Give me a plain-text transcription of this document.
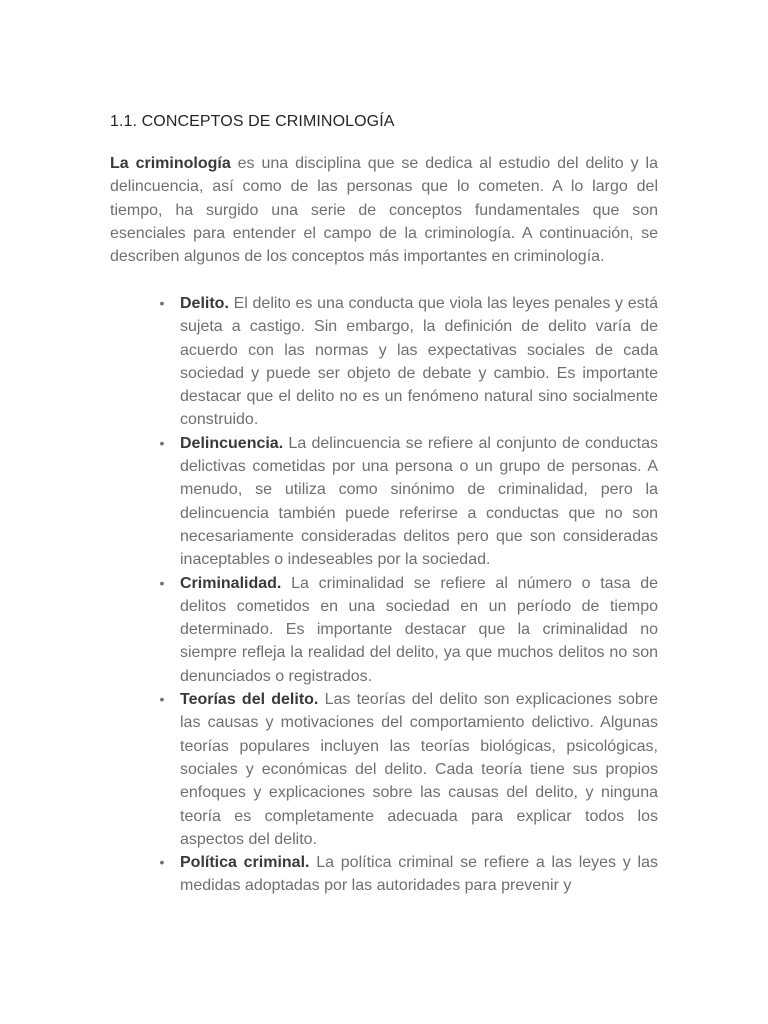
1.1. CONCEPTOS DE CRIMINOLOGÍA

La criminología es una disciplina que se dedica al estudio del delito y la delincuencia, así como de las personas que lo cometen. A lo largo del tiempo, ha surgido una serie de conceptos fundamentales que son esenciales para entender el campo de la criminología. A continuación, se describen algunos de los conceptos más importantes en criminología.

• Delito. El delito es una conducta que viola las leyes penales y está sujeta a castigo. Sin embargo, la definición de delito varía de acuerdo con las normas y las expectativas sociales de cada sociedad y puede ser objeto de debate y cambio. Es importante destacar que el delito no es un fenómeno natural sino socialmente construido.
• Delincuencia. La delincuencia se refiere al conjunto de conductas delictivas cometidas por una persona o un grupo de personas. A menudo, se utiliza como sinónimo de criminalidad, pero la delincuencia también puede referirse a conductas que no son necesariamente consideradas delitos pero que son consideradas inaceptables o indeseables por la sociedad.
• Criminalidad. La criminalidad se refiere al número o tasa de delitos cometidos en una sociedad en un período de tiempo determinado. Es importante destacar que la criminalidad no siempre refleja la realidad del delito, ya que muchos delitos no son denunciados o registrados.
• Teorías del delito. Las teorías del delito son explicaciones sobre las causas y motivaciones del comportamiento delictivo. Algunas teorías populares incluyen las teorías biológicas, psicológicas, sociales y económicas del delito. Cada teoría tiene sus propios enfoques y explicaciones sobre las causas del delito, y ninguna teoría es completamente adecuada para explicar todos los aspectos del delito.
• Política criminal. La política criminal se refiere a las leyes y las medidas adoptadas por las autoridades para prevenir y
